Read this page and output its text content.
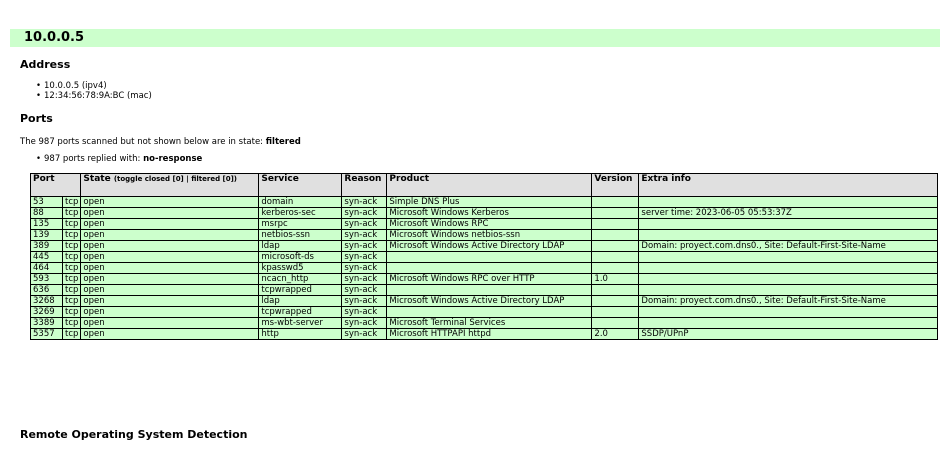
10.0.0.5
Address
• 10.0.0.5 (ipv4)
• 12:34:56:78:9A:BC (mac)
Ports
The 987 ports scanned but not shown below are in state: filtered
• 987 ports replied with: no-response
Port		State (toggle closed [0] | filtered [0])	Service	Reason	Product	Version	Extra info
53	tcp	open	domain	syn-ack	Simple DNS Plus		
88	tcp	open	kerberos-sec	syn-ack	Microsoft Windows Kerberos		server time: 2023-06-05 05:53:37Z
135	tcp	open	msrpc	syn-ack	Microsoft Windows RPC		
139	tcp	open	netbios-ssn	syn-ack	Microsoft Windows netbios-ssn		
389	tcp	open	ldap	syn-ack	Microsoft Windows Active Directory LDAP		Domain: proyect.com.dns0., Site: Default-First-Site-Name
445	tcp	open	microsoft-ds	syn-ack			
464	tcp	open	kpasswd5	syn-ack			
593	tcp	open	ncacn_http	syn-ack	Microsoft Windows RPC over HTTP	1.0	
636	tcp	open	tcpwrapped	syn-ack			
3268	tcp	open	ldap	syn-ack	Microsoft Windows Active Directory LDAP		Domain: proyect.com.dns0., Site: Default-First-Site-Name
3269	tcp	open	tcpwrapped	syn-ack			
3389	tcp	open	ms-wbt-server	syn-ack	Microsoft Terminal Services		
5357	tcp	open	http	syn-ack	Microsoft HTTPAPI httpd	2.0	SSDP/UPnP
Remote Operating System Detection
